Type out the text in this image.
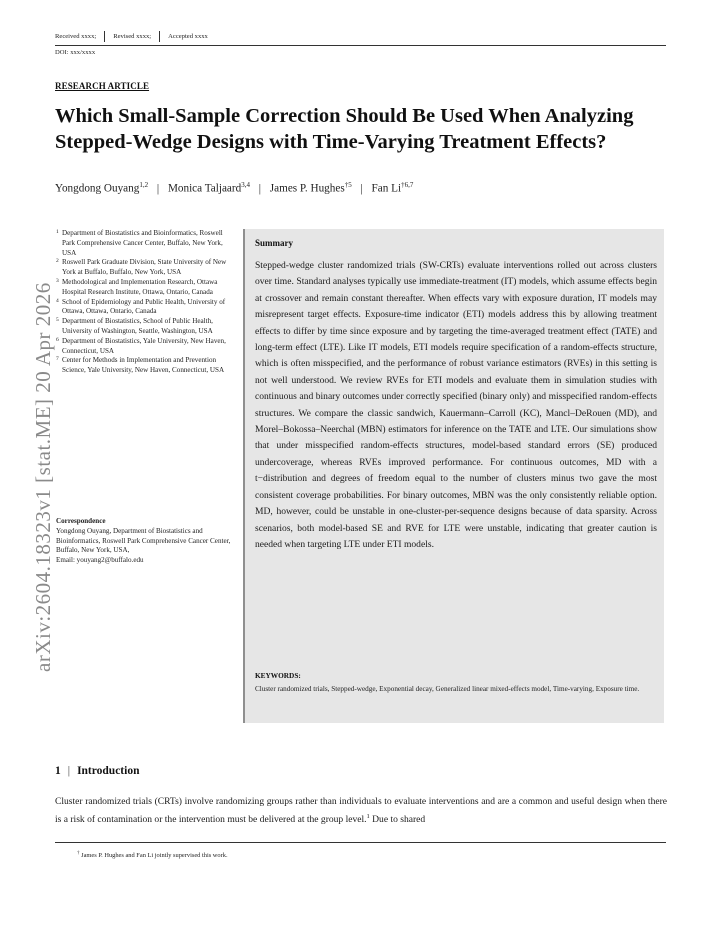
Received xxxx;	Revised xxxx;	Accepted xxxx
DOI: xxx/xxxx
arXiv:2604.18323v1 [stat.ME] 20 Apr 2026
RESEARCH ARTICLE
Which Small-Sample Correction Should Be Used When Analyzing Stepped-Wedge Designs with Time-Varying Treatment Effects?
Yongdong Ouyang$^{1,2}$ | Monica Taljaard$^{3,4}$ | James P. Hughes$^{\dagger 5}$ | Fan Li$^{\dagger 6,7}$
1 Department of Biostatistics and Bioinformatics, Roswell Park Comprehensive Cancer Center, Buffalo, New York, USA
2 Roswell Park Graduate Division, State University of New York at Buffalo, Buffalo, New York, USA
3 Methodological and Implementation Research, Ottawa Hospital Research Institute, Ottawa, Ontario, Canada
4 School of Epidemiology and Public Health, University of Ottawa, Ottawa, Ontario, Canada
5 Department of Biostatistics, School of Public Health, University of Washington, Seattle, Washington, USA
6 Department of Biostatistics, Yale University, New Haven, Connecticut, USA
7 Center for Methods in Implementation and Prevention Science, Yale University, New Haven, Connecticut, USA
Correspondence
Yongdong Ouyang, Department of Biostatistics and Bioinformatics, Roswell Park Comprehensive Cancer Center, Buffalo, New York, USA,
Email: youyang2@buffalo.edu
Summary

Stepped-wedge cluster randomized trials (SW-CRTs) evaluate interventions rolled out across clusters over time. Standard analyses typically use immediate-treatment (IT) models, which assume effects begin at crossover and remain constant thereafter. When effects vary with exposure duration, IT models may misrepresent target effects. Exposure-time indicator (ETI) models address this by allowing treatment effects to differ by time since exposure and by targeting the time-averaged treatment effect (TATE) and long-term effect (LTE). Like IT models, ETI models require specification of a random-effects structure, which is often misspecified, and the performance of robust variance estimators (RVEs) in this setting is not well understood. We review RVEs for ETI models and evaluate them in simulation studies with continuous and binary outcomes under correctly specified (binary only) and misspecified random-effects structures. We compare the classic sandwich, Kauermann–Carroll (KC), Mancl–DeRouen (MD), and Morel–Bokossa–Neerchal (MBN) estimators for inference on the TATE and LTE. Our simulations show that under misspecified random-effects structures, model-based standard errors (SE) produced undercoverage, whereas RVEs improved performance. For continuous outcomes, MD with a t−distribution and degrees of freedom equal to the number of clusters minus two gave the most consistent coverage probabilities. For binary outcomes, MBN was the only consistently reliable option. MD, however, could be unstable in one-cluster-per-sequence designs because of data sparsity. Across scenarios, both model-based SE and RVE for LTE were unstable, indicating that greater caution is needed when targeting LTE under ETI models.

KEYWORDS:
Cluster randomized trials, Stepped-wedge, Exponential decay, Generalized linear mixed-effects model, Time-varying, Exposure time.
1 | Introduction

Cluster randomized trials (CRTs) involve randomizing groups rather than individuals to evaluate interventions and are a common and useful design when there is a risk of contamination or the intervention must be delivered at the group level.$^1$ Due to shared

† James P. Hughes and Fan Li jointly supervised this work.
